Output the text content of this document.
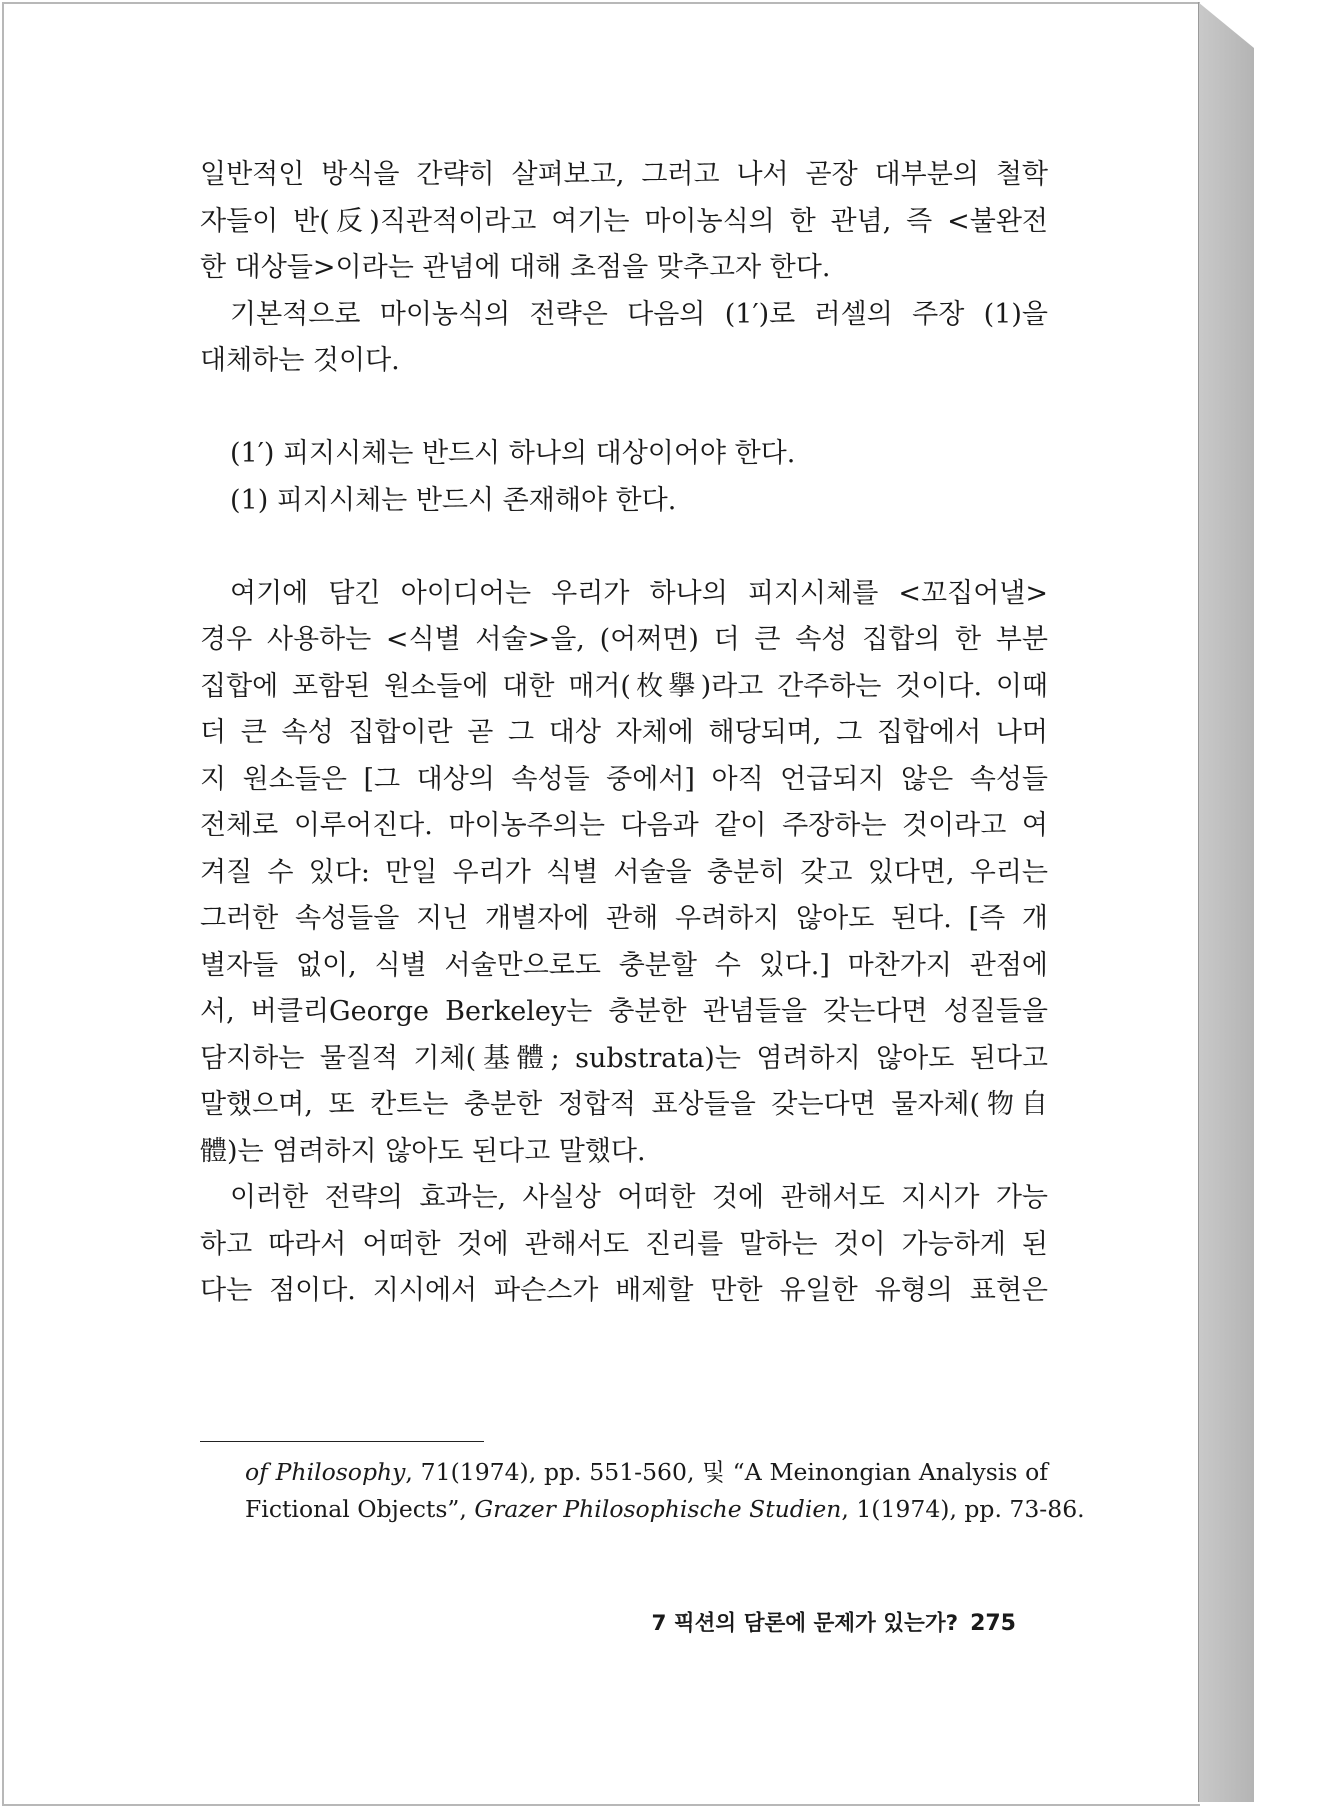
일반적인 방식을 간략히 살펴보고, 그러고 나서 곧장 대부분의 철학
자들이 반(反)직관적이라고 여기는 마이농식의 한 관념, 즉 <불완전
한 대상들>이라는 관념에 대해 초점을 맞추고자 한다.
기본적으로 마이농식의 전략은 다음의 (1′)로 러셀의 주장 (1)을
대체하는 것이다.
(1′) 피지시체는 반드시 하나의 대상이어야 한다.
(1) 피지시체는 반드시 존재해야 한다.
여기에 담긴 아이디어는 우리가 하나의 피지시체를 <꼬집어낼>
경우 사용하는 <식별 서술>을, (어쩌면) 더 큰 속성 집합의 한 부분
집합에 포함된 원소들에 대한 매거(枚擧)라고 간주하는 것이다. 이때
더 큰 속성 집합이란 곧 그 대상 자체에 해당되며, 그 집합에서 나머
지 원소들은 [그 대상의 속성들 중에서] 아직 언급되지 않은 속성들
전체로 이루어진다. 마이농주의는 다음과 같이 주장하는 것이라고 여
겨질 수 있다: 만일 우리가 식별 서술을 충분히 갖고 있다면, 우리는
그러한 속성들을 지닌 개별자에 관해 우려하지 않아도 된다. [즉 개
별자들 없이, 식별 서술만으로도 충분할 수 있다.] 마찬가지 관점에
서, 버클리George Berkeley는 충분한 관념들을 갖는다면 성질들을
담지하는 물질적 기체(基體; substrata)는 염려하지 않아도 된다고
말했으며, 또 칸트는 충분한 정합적 표상들을 갖는다면 물자체(物自
體)는 염려하지 않아도 된다고 말했다.
이러한 전략의 효과는, 사실상 어떠한 것에 관해서도 지시가 가능
하고 따라서 어떠한 것에 관해서도 진리를 말하는 것이 가능하게 된
다는 점이다. 지시에서 파슨스가 배제할 만한 유일한 유형의 표현은
of Philosophy, 71(1974), pp. 551-560, 및 “A Meinongian Analysis of
Fictional Objects”, Grazer Philosophische Studien, 1(1974), pp. 73-86.
7 픽션의 담론에 문제가 있는가? 275
